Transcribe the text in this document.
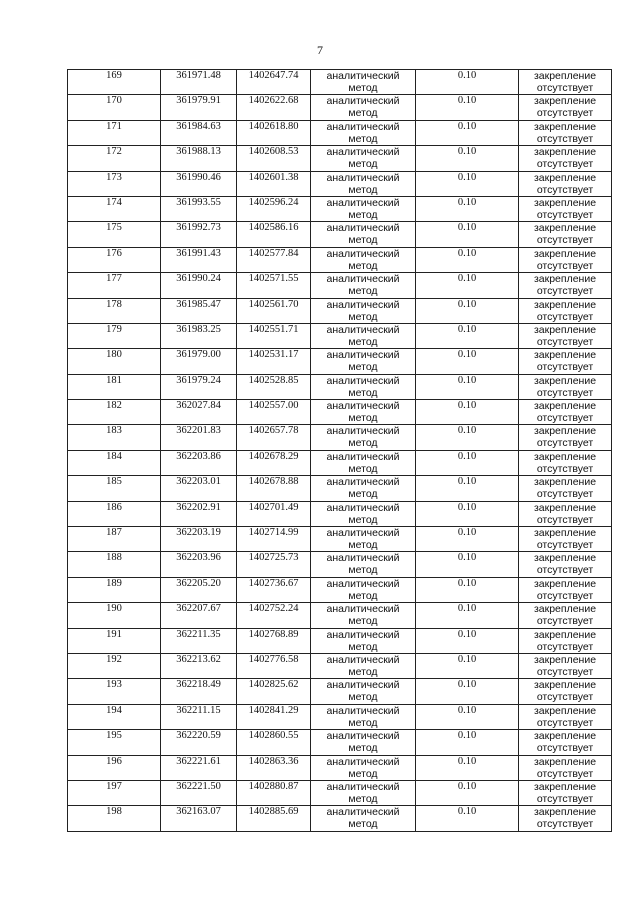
7
169	361971.48	1402647.74	аналитический метод	0.10	закрепление отсутствует
170	361979.91	1402622.68	аналитический метод	0.10	закрепление отсутствует
171	361984.63	1402618.80	аналитический метод	0.10	закрепление отсутствует
172	361988.13	1402608.53	аналитический метод	0.10	закрепление отсутствует
173	361990.46	1402601.38	аналитический метод	0.10	закрепление отсутствует
174	361993.55	1402596.24	аналитический метод	0.10	закрепление отсутствует
175	361992.73	1402586.16	аналитический метод	0.10	закрепление отсутствует
176	361991.43	1402577.84	аналитический метод	0.10	закрепление отсутствует
177	361990.24	1402571.55	аналитический метод	0.10	закрепление отсутствует
178	361985.47	1402561.70	аналитический метод	0.10	закрепление отсутствует
179	361983.25	1402551.71	аналитический метод	0.10	закрепление отсутствует
180	361979.00	1402531.17	аналитический метод	0.10	закрепление отсутствует
181	361979.24	1402528.85	аналитический метод	0.10	закрепление отсутствует
182	362027.84	1402557.00	аналитический метод	0.10	закрепление отсутствует
183	362201.83	1402657.78	аналитический метод	0.10	закрепление отсутствует
184	362203.86	1402678.29	аналитический метод	0.10	закрепление отсутствует
185	362203.01	1402678.88	аналитический метод	0.10	закрепление отсутствует
186	362202.91	1402701.49	аналитический метод	0.10	закрепление отсутствует
187	362203.19	1402714.99	аналитический метод	0.10	закрепление отсутствует
188	362203.96	1402725.73	аналитический метод	0.10	закрепление отсутствует
189	362205.20	1402736.67	аналитический метод	0.10	закрепление отсутствует
190	362207.67	1402752.24	аналитический метод	0.10	закрепление отсутствует
191	362211.35	1402768.89	аналитический метод	0.10	закрепление отсутствует
192	362213.62	1402776.58	аналитический метод	0.10	закрепление отсутствует
193	362218.49	1402825.62	аналитический метод	0.10	закрепление отсутствует
194	362211.15	1402841.29	аналитический метод	0.10	закрепление отсутствует
195	362220.59	1402860.55	аналитический метод	0.10	закрепление отсутствует
196	362221.61	1402863.36	аналитический метод	0.10	закрепление отсутствует
197	362221.50	1402880.87	аналитический метод	0.10	закрепление отсутствует
198	362163.07	1402885.69	аналитический метод	0.10	закрепление отсутствует
